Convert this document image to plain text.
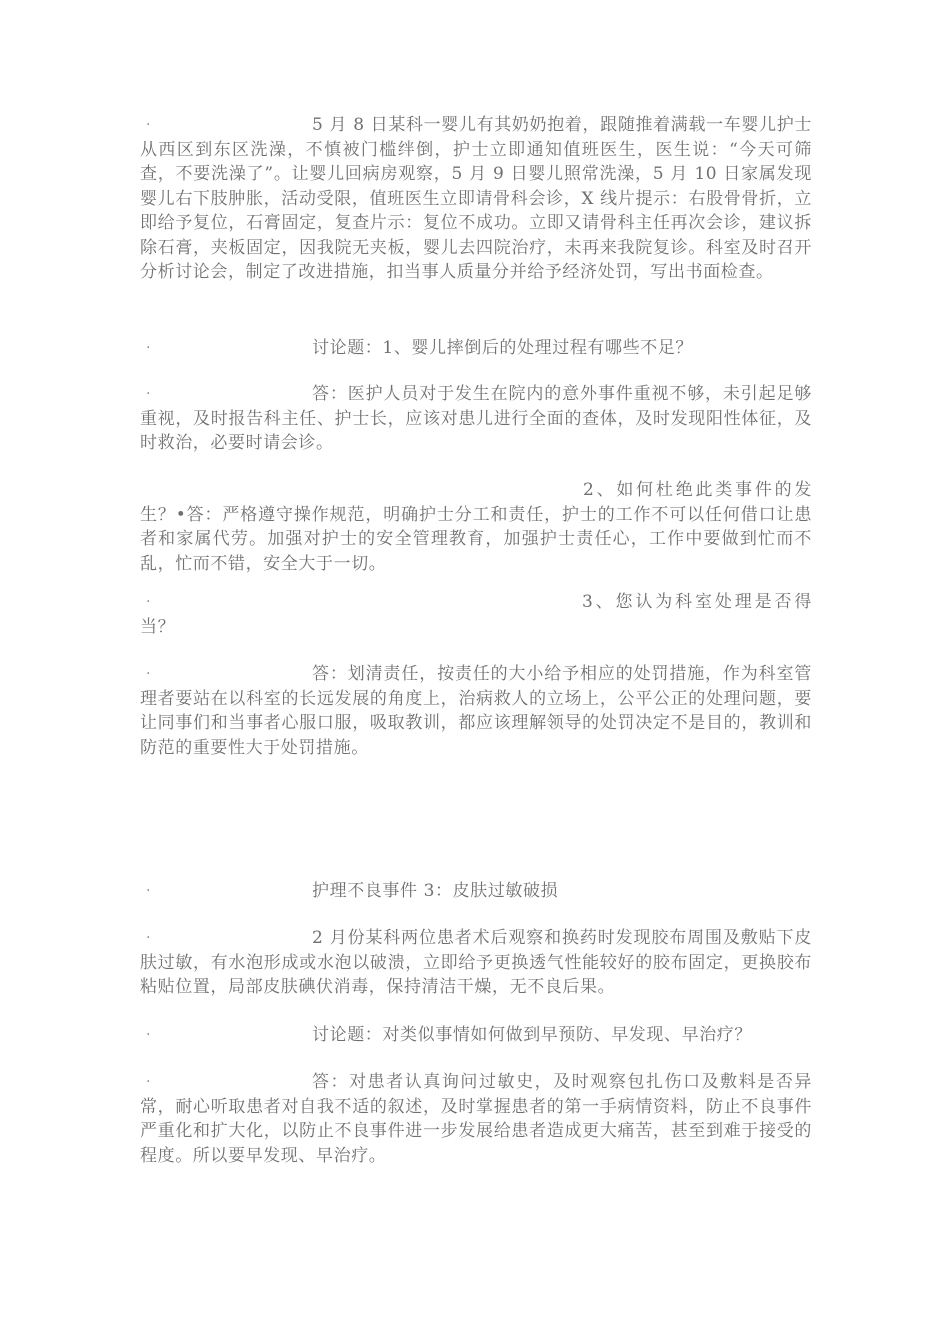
·	5 月 8 日某科一婴儿有其奶奶抱着，跟随推着满载一车婴儿护士从西区到东区洗澡，不慎被门槛绊倒，护士立即通知值班医生，医生说：“今天可筛查，不要洗澡了”。让婴儿回病房观察，5 月 9 日婴儿照常洗澡，5 月 10 日家属发现婴儿右下肢肿胀，活动受限，值班医生立即请骨科会诊，X 线片提示：右股骨骨折，立即给予复位，石膏固定，复查片示：复位不成功。立即又请骨科主任再次会诊，建议拆除石膏，夹板固定，因我院无夹板，婴儿去四院治疗，未再来我院复诊。科室及时召开分析讨论会，制定了改进措施，扣当事人质量分并给予经济处罚，写出书面检查。

·	讨论题：1、婴儿摔倒后的处理过程有哪些不足？

·	答：医护人员对于发生在院内的意外事件重视不够，未引起足够重视，及时报告科主任、护士长，应该对患儿进行全面的查体，及时发现阳性体征，及时救治，必要时请会诊。

2、如何杜绝此类事件的发生？•答：严格遵守操作规范，明确护士分工和责任，护士的工作不可以任何借口让患者和家属代劳。加强对护士的安全管理教育，加强护士责任心，工作中要做到忙而不乱，忙而不错，安全大于一切。

·	3、您认为科室处理是否得当？

·	答：划清责任，按责任的大小给予相应的处罚措施，作为科室管理者要站在以科室的长远发展的角度上，治病救人的立场上，公平公正的处理问题，要让同事们和当事者心服口服，吸取教训，都应该理解领导的处罚决定不是目的，教训和防范的重要性大于处罚措施。

·	护理不良事件 3：皮肤过敏破损

·	2 月份某科两位患者术后观察和换药时发现胶布周围及敷贴下皮肤过敏，有水泡形成或水泡以破溃，立即给予更换透气性能较好的胶布固定，更换胶布粘贴位置，局部皮肤碘伏消毒，保持清洁干燥，无不良后果。

·	讨论题：对类似事情如何做到早预防、早发现、早治疗？

·	答：对患者认真询问过敏史，及时观察包扎伤口及敷料是否异常，耐心听取患者对自我不适的叙述，及时掌握患者的第一手病情资料，防止不良事件严重化和扩大化，以防止不良事件进一步发展给患者造成更大痛苦，甚至到难于接受的程度。所以要早发现、早治疗。
